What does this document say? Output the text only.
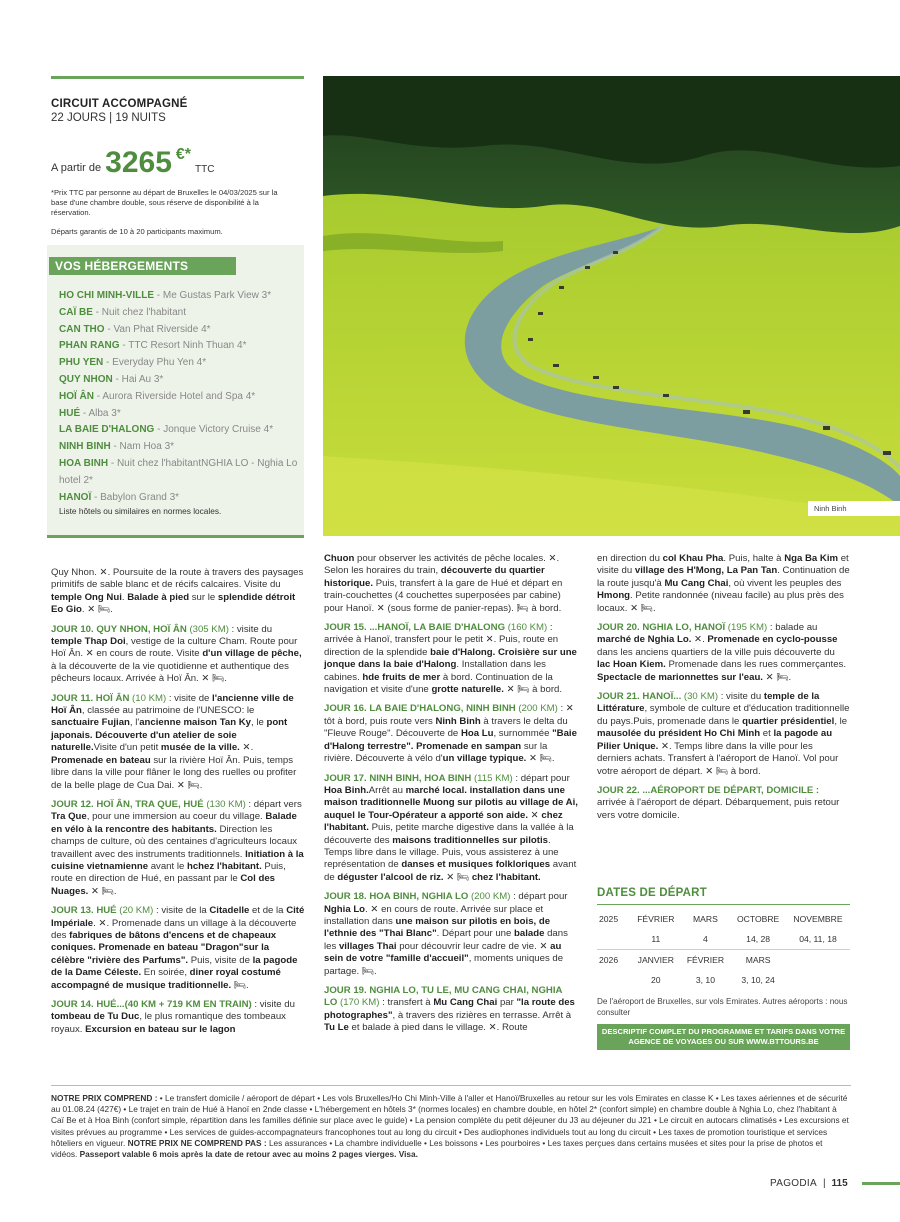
CIRCUIT ACCOMPAGNÉ
22 JOURS | 19 NUITS
A partir de 3265 €*
TTC
*Prix TTC par personne au départ de Bruxelles le 04/03/2025 sur la base d'une chambre double, sous réserve de disponibilité à la réservation.
Départs garantis de 10 à 20 participants maximum.
VOS HÉBERGEMENTS
HO CHI MINH-VILLE - Me Gustas Park View 3*
CAÏ BE - Nuit chez l'habitant
CAN THO - Van Phat Riverside 4*
PHAN RANG - TTC Resort Ninh Thuan 4*
PHU YEN - Everyday Phu Yen 4*
QUY NHON - Hai Au 3*
HOÏ ÂN - Aurora Riverside Hotel and Spa 4*
HUÉ - Alba 3*
LA BAIE D'HALONG - Jonque Victory Cruise 4*
NINH BINH - Nam Hoa 3*
HOA BINH - Nuit chez l'habitantNGHIA LO - Nghia Lo hotel 2*
HANOÏ - Babylon Grand 3*
Liste hôtels ou similaires en normes locales.	Ninh Binh

Quy Nhon. ✕. Poursuite de la route à travers des paysages primitifs de sable blanc et de récifs calcaires. Visite du temple Ong Nui. Balade à pied sur le splendide détroit Eo Gio. ✕ 🛏.

JOUR 10. QUY NHON, HOÏ ÂN (305 KM) : visite du temple Thap Doi, vestige de la culture Cham. Route pour Hoï Ân. ✕ en cours de route. Visite d'un village de pêche, à la découverte de la vie quotidienne et authentique des pêcheurs locaux. Arrivée à Hoï Ân. ✕ 🛏.

JOUR 11. HOÏ ÂN (10 KM) : visite de l'ancienne ville de Hoï Ân, classée au patrimoine de l'UNESCO: le sanctuaire Fujian, l'ancienne maison Tan Ky, le pont japonais. Découverte d'un atelier de soie naturelle.Visite d'un petit musée de la ville. ✕. Promenade en bateau sur la rivière Hoï Ân. Puis, temps libre dans la ville pour flâner le long des ruelles ou profiter de la belle plage de Cua Dai. ✕ 🛏.

JOUR 12. HOÏ ÂN, TRA QUE, HUÉ (130 KM) : départ vers Tra Que, pour une immersion au coeur du village. Balade en vélo à la rencontre des habitants. Direction les champs de culture, où des centaines d'agriculteurs locaux travaillent avec des instruments traditionnels. Initiation à la cuisine vietnamienne avant le hchez l'habitant. Puis, route en direction de Hué, en passant par le Col des Nuages. ✕ 🛏.

JOUR 13. HUÉ (20 KM) : visite de la Citadelle et de la Cité Impériale. ✕. Promenade dans un village à la découverte des fabriques de bâtons d'encens et de chapeaux coniques. Promenade en bateau "Dragon"sur la célèbre "rivière des Parfums". Puis, visite de la pagode de la Dame Céleste. En soirée, diner royal costumé accompagné de musique traditionnelle. 🛏.

JOUR 14. HUÉ...(40 KM + 719 KM EN TRAIN) : visite du tombeau de Tu Duc, le plus romantique des tombeaux royaux. Excursion en bateau sur le lagon

Chuon pour observer les activités de pêche locales. ✕. Selon les horaires du train, découverte du quartier historique. Puis, transfert à la gare de Hué et départ en train-couchettes (4 couchettes superposées par cabine) pour Hanoï. ✕ (sous forme de panier-repas). 🛏 à bord.

JOUR 15. ...HANOÏ, LA BAIE D'HALONG (160 KM) : arrivée à Hanoï, transfert pour le petit ✕. Puis, route en direction de la splendide baie d'Halong. Croisière sur une jonque dans la baie d'Halong. Installation dans les cabines. hde fruits de mer à bord. Continuation de la navigation et visite d'une grotte naturelle. ✕ 🛏 à bord.

JOUR 16. LA BAIE D'HALONG, NINH BINH (200 KM) : ✕ tôt à bord, puis route vers Ninh Binh à travers le delta du "Fleuve Rouge". Découverte de Hoa Lu, surnommée "Baie d'Halong terrestre". Promenade en sampan sur la rivière. Découverte à vélo d'un village typique. ✕ 🛏.

JOUR 17. NINH BINH, HOA BINH (115 KM) : départ pour Hoa Binh.Arrêt au marché local. installation dans une maison traditionnelle Muong sur pilotis au village de Ai, auquel le Tour-Opérateur a apporté son aide. ✕ chez l'habitant. Puis, petite marche digestive dans la vallée à la découverte des maisons traditionnelles sur pilotis. Temps libre dans le village. Puis, vous assisterez à une représentation de danses et musiques folkloriques avant de déguster l'alcool de riz. ✕ 🛏 chez l'habitant.

JOUR 18. HOA BINH, NGHIA LO (200 KM) : départ pour Nghia Lo. ✕ en cours de route. Arrivée sur place et installation dans une maison sur pilotis en bois, de l'ethnie des "Thai Blanc". Départ pour une balade dans les villages Thai pour découvrir leur cadre de vie. ✕ au sein de votre "famille d'accueil", moments uniques de partage. 🛏.

JOUR 19. NGHIA LO, TU LE, MU CANG CHAI, NGHIA LO (170 KM) : transfert à Mu Cang Chai par "la route des photographes", à travers des rizières en terrasse. Arrêt à Tu Le et balade à pied dans le village. ✕. Route

en direction du col Khau Pha. Puis, halte à Nga Ba Kim et visite du village des H'Mong, La Pan Tan. Continuation de la route jusqu'à Mu Cang Chai, où vivent les peuples des Hmong. Petite randonnée (niveau facile) au plus près des locaux. ✕ 🛏.

JOUR 20. NGHIA LO, HANOÏ (195 KM) : balade au marché de Nghia Lo. ✕. Promenade en cyclo-pousse dans les anciens quartiers de la ville puis découverte du lac Hoan Kiem. Promenade dans les rues commerçantes. Spectacle de marionnettes sur l'eau. ✕ 🛏.

JOUR 21. HANOÏ... (30 KM) : visite du temple de la Littérature, symbole de culture et d'éducation traditionnelle du pays.Puis, promenade dans le quartier présidentiel, le mausolée du président Ho Chi Minh et la pagode au Pilier Unique. ✕. Temps libre dans la ville pour les derniers achats. Transfert à l'aéroport de Hanoï. Vol pour votre aéroport de départ. ✕ 🛏 à bord.

JOUR 22. ...AÉROPORT DE DÉPART, DOMICILE : arrivée à l'aéroport de départ. Débarquement, puis retour vers votre domicile.

DATES DE DÉPART
2025	FÉVRIER	MARS	OCTOBRE	NOVEMBRE
	11	4	14, 28	04, 11, 18
2026	JANVIER	FÉVRIER	MARS	
	20	3, 10	3, 10, 24	
De l'aéroport de Bruxelles, sur vols Emirates. Autres aéroports : nous consulter
DESCRIPTIF COMPLET DU PROGRAMME ET TARIFS DANS VOTRE AGENCE DE VOYAGES OU SUR WWW.BTTOURS.BE
NOTRE PRIX COMPREND : • Le transfert domicile / aéroport de départ • Les vols Bruxelles/Ho Chi Minh-Ville à l'aller et Hanoï/Bruxelles au retour sur les vols Emirates en classe K • Les taxes aériennes et de sécurité au 01.08.24 (427€) • Le trajet en train de Hué à Hanoï en 2nde classe • L'hébergement en hôtels 3* (normes locales) en chambre double, en hôtel 2* (confort simple) en chambre double à Nghia Lo, chez l'habitant à Caï Be et à Hoa Binh (confort simple, répartition dans les familles définie sur place avec le guide) • La pension complète du petit déjeuner du J3 au déjeuner du J21 • Le circuit en autocars climatisés • Les excursions et visites prévues au programme • Les services de guides-accompagnateurs francophones tout au long du circuit • Des audiophones individuels tout au long du circuit • Les taxes de promotion touristique et services hôteliers en vigueur. NOTRE PRIX NE COMPREND PAS : Les assurances • La chambre individuelle • Les boissons • Les pourboires • Les taxes perçues dans certains musées et sites pour la prise de photos et vidéos. Passeport valable 6 mois après la date de retour avec au moins 2 pages vierges. Visa.
PAGODIA | 115
